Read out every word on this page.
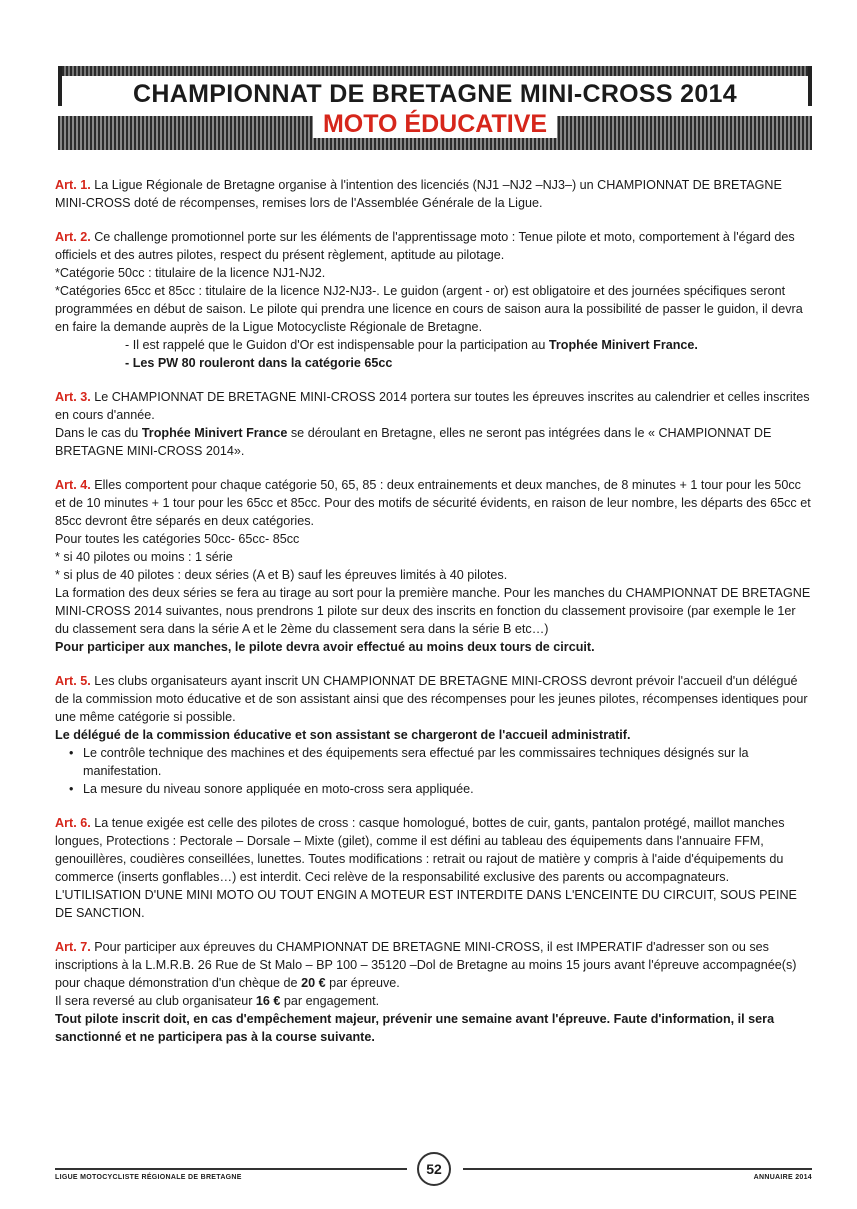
CHAMPIONNAT DE BRETAGNE MINI-CROSS 2014
MOTO ÉDUCATIVE

Art. 1. La Ligue Régionale de Bretagne organise à l'intention des licenciés (NJ1 –NJ2 –NJ3–) un CHAMPIONNAT DE BRETAGNE MINI-CROSS doté de récompenses, remises lors de l'Assemblée Générale de la Ligue.

Art. 2. Ce challenge promotionnel porte sur les éléments de l'apprentissage moto : Tenue pilote et moto, comportement à l'égard des officiels et des autres pilotes, respect du présent règlement, aptitude au pilotage.

*Catégorie 50cc : titulaire de la licence NJ1-NJ2.

*Catégories 65cc et 85cc : titulaire de la licence NJ2-NJ3-. Le guidon (argent - or) est obligatoire et des journées spécifiques seront programmées en début de saison. Le pilote qui prendra une licence en cours de saison aura la possibilité de passer le guidon, il devra en faire la demande auprès de la Ligue Motocycliste Régionale de Bretagne.

- Il est rappelé que le Guidon d'Or est indispensable pour la participation au Trophée Minivert France.

- Les PW 80 rouleront dans la catégorie 65cc

Art. 3. Le CHAMPIONNAT DE BRETAGNE MINI-CROSS 2014 portera sur toutes les épreuves inscrites au calendrier et celles inscrites en cours d'année.

Dans le cas du Trophée Minivert France se déroulant en Bretagne, elles ne seront pas intégrées dans le « CHAMPIONNAT DE BRETAGNE MINI-CROSS 2014».

Art. 4. Elles comportent pour chaque catégorie 50, 65, 85 : deux entrainements et deux manches, de 8 minutes + 1 tour pour les 50cc et de 10 minutes + 1 tour pour les 65cc et 85cc. Pour des motifs de sécurité évidents, en raison de leur nombre, les départs des 65cc et 85cc devront être séparés en deux catégories.

Pour toutes les catégories 50cc- 65cc- 85cc

* si 40 pilotes ou moins : 1 série

* si plus de 40 pilotes : deux séries (A et B) sauf les épreuves limités à 40 pilotes.

La formation des deux séries se fera au tirage au sort pour la première manche. Pour les manches du CHAMPIONNAT DE BRETAGNE MINI-CROSS 2014 suivantes, nous prendrons 1 pilote sur deux des inscrits en fonction du classement provisoire (par exemple le 1er du classement sera dans la série A et le 2ème du classement sera dans la série B etc…)

Pour participer aux manches, le pilote devra avoir effectué au moins deux tours de circuit.

Art. 5. Les clubs organisateurs ayant inscrit UN CHAMPIONNAT DE BRETAGNE MINI-CROSS devront prévoir l'accueil d'un délégué de la commission moto éducative et de son assistant ainsi que des récompenses pour les jeunes pilotes, récompenses identiques pour une même catégorie si possible.

Le délégué de la commission éducative et son assistant se chargeront de l'accueil administratif.

• Le contrôle technique des machines et des équipements sera effectué par les commissaires techniques désignés sur la manifestation.
• La mesure du niveau sonore appliquée en moto-cross sera appliquée.

Art. 6. La tenue exigée est celle des pilotes de cross : casque homologué, bottes de cuir, gants, pantalon protégé, maillot manches longues, Protections : Pectorale – Dorsale – Mixte (gilet), comme il est défini au tableau des équipements dans l'annuaire FFM, genouillères, coudières conseillées, lunettes. Toutes modifications : retrait ou rajout de matière y compris à l'aide d'équipements du commerce (inserts gonflables…) est interdit. Ceci relève de la responsabilité exclusive des parents ou accompagnateurs.

L'UTILISATION D'UNE MINI MOTO OU TOUT ENGIN A MOTEUR EST INTERDITE DANS L'ENCEINTE DU CIRCUIT, SOUS PEINE DE SANCTION.

Art. 7. Pour participer aux épreuves du CHAMPIONNAT DE BRETAGNE MINI-CROSS, il est IMPERATIF d'adresser son ou ses inscriptions à la L.M.R.B. 26 Rue de St Malo – BP 100 – 35120 –Dol de Bretagne au moins 15 jours avant l'épreuve accompagnée(s) pour chaque démonstration d'un chèque de 20 € par épreuve.

Il sera reversé au club organisateur 16 € par engagement.

Tout pilote inscrit doit, en cas d'empêchement majeur, prévenir une semaine avant l'épreuve. Faute d'information, il sera sanctionné et ne participera pas à la course suivante.

52
LIGUE MOTOCYCLISTE RÉGIONALE DE BRETAGNE	ANNUAIRE 2014
